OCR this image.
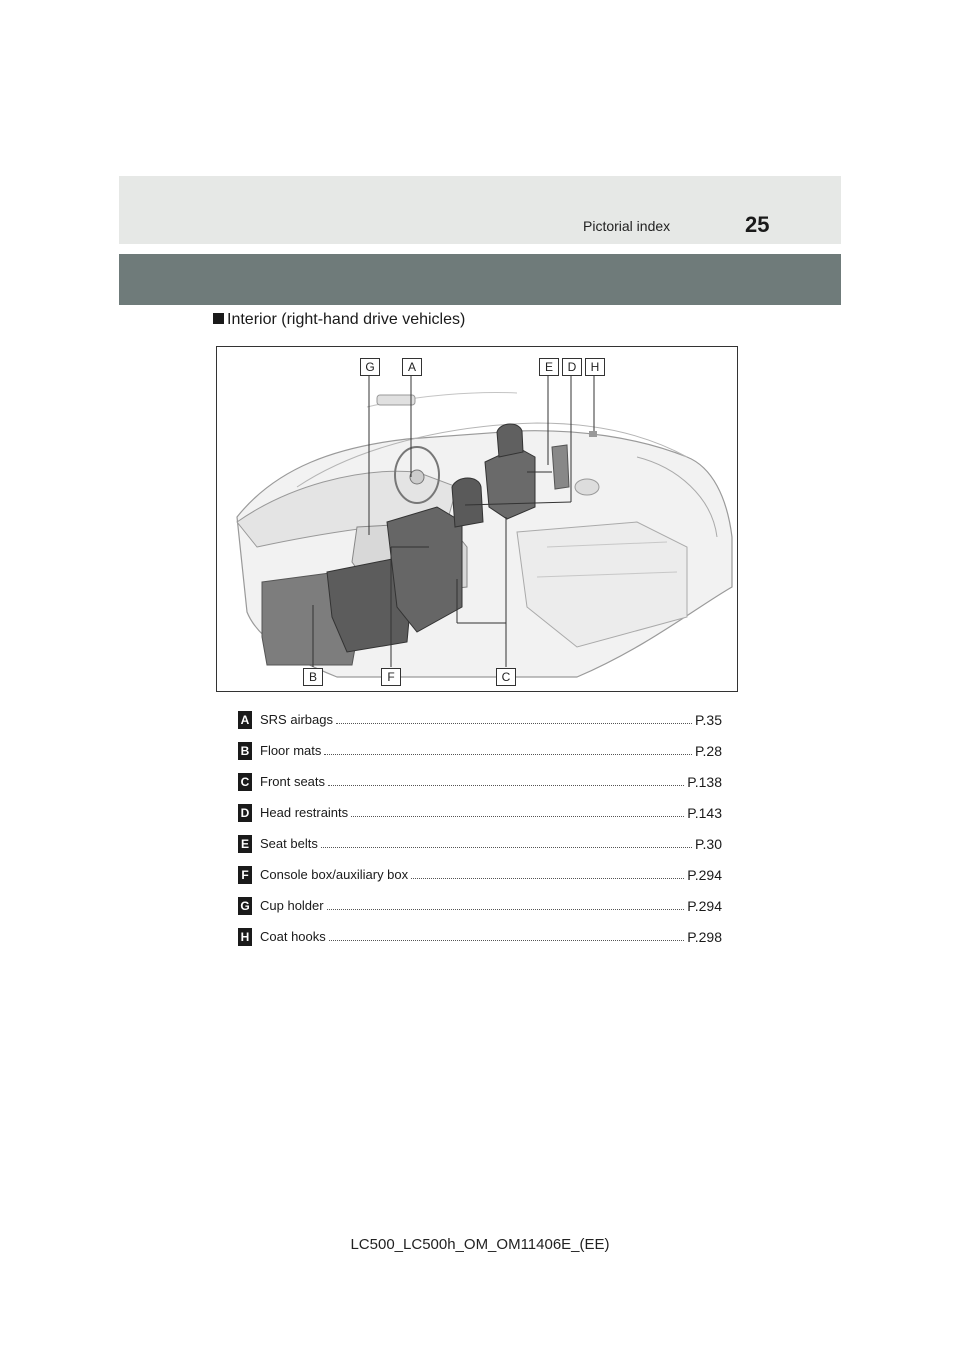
Pictorial index	25
Interior (right-hand drive vehicles)
G	A	E	D	H
B	F	C
A SRS airbags	P.35
B Floor mats	P.28
C Front seats	P.138
D Head restraints	P.143
E Seat belts	P.30
F Console box/auxiliary box	P.294
G Cup holder	P.294
H Coat hooks	P.298
LC500_LC500h_OM_OM11406E_(EE)
